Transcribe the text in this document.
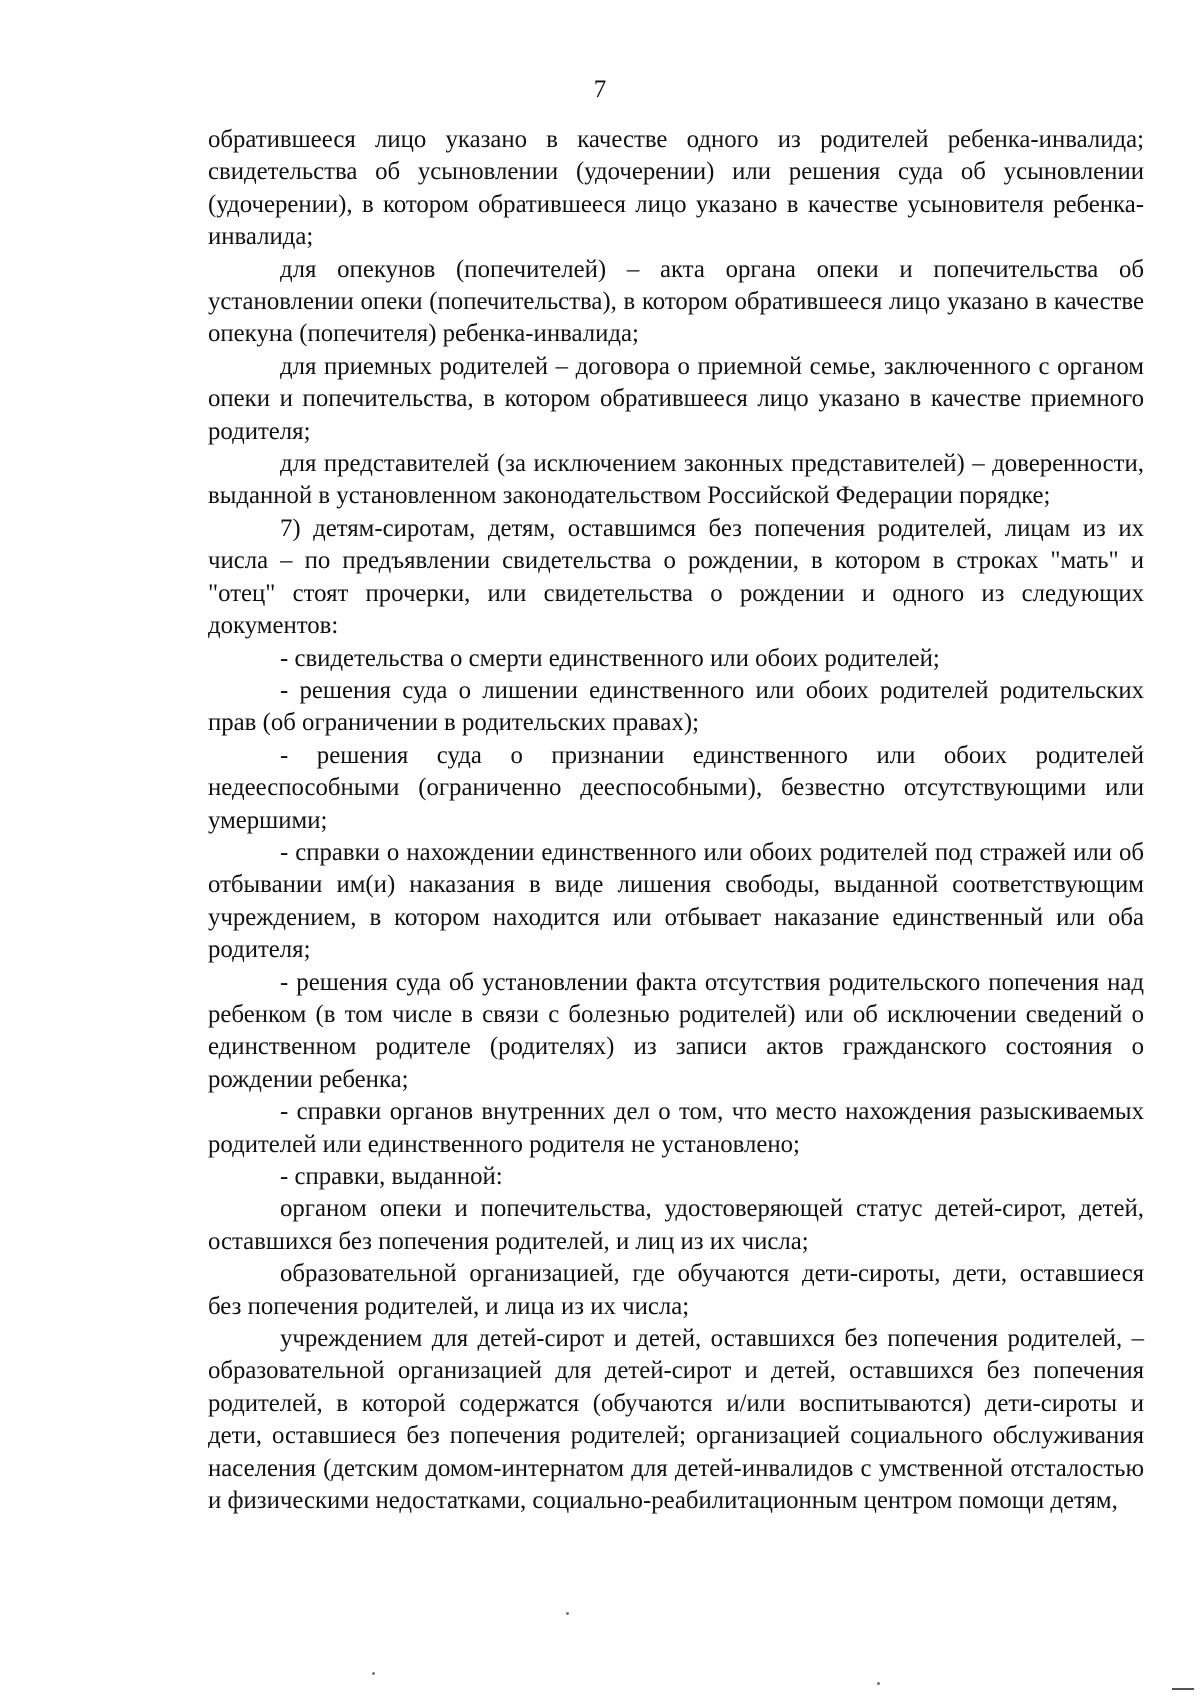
7

обратившееся лицо указано в качестве одного из родителей ребенка-инвалида; свидетельства об усыновлении (удочерении) или решения суда об усыновлении (удочерении), в котором обратившееся лицо указано в качестве усыновителя ребенка-инвалида;

для опекунов (попечителей) – акта органа опеки и попечительства об установлении опеки (попечительства), в котором обратившееся лицо указано в качестве опекуна (попечителя) ребенка-инвалида;

для приемных родителей – договора о приемной семье, заключенного с органом опеки и попечительства, в котором обратившееся лицо указано в качестве приемного родителя;

для представителей (за исключением законных представителей) – доверенности, выданной в установленном законодательством Российской Федерации порядке;

7) детям-сиротам, детям, оставшимся без попечения родителей, лицам из их числа – по предъявлении свидетельства о рождении, в котором в строках "мать" и "отец" стоят прочерки, или свидетельства о рождении и одного из следующих документов:

- свидетельства о смерти единственного или обоих родителей;

- решения суда о лишении единственного или обоих родителей родительских прав (об ограничении в родительских правах);

- решения суда о признании единственного или обоих родителей недееспособными (ограниченно дееспособными), безвестно отсутствующими или умершими;

- справки о нахождении единственного или обоих родителей под стражей или об отбывании им(и) наказания в виде лишения свободы, выданной соответствующим учреждением, в котором находится или отбывает наказание единственный или оба родителя;

- решения суда об установлении факта отсутствия родительского попечения над ребенком (в том числе в связи с болезнью родителей) или об исключении сведений о единственном родителе (родителях) из записи актов гражданского состояния о рождении ребенка;

- справки органов внутренних дел о том, что место нахождения разыскиваемых родителей или единственного родителя не установлено;

- справки, выданной:

органом опеки и попечительства, удостоверяющей статус детей-сирот, детей, оставшихся без попечения родителей, и лиц из их числа;

образовательной организацией, где обучаются дети-сироты, дети, оставшиеся без попечения родителей, и лица из их числа;

учреждением для детей-сирот и детей, оставшихся без попечения родителей, – образовательной организацией для детей-сирот и детей, оставшихся без попечения родителей, в которой содержатся (обучаются и/или воспитываются) дети-сироты и дети, оставшиеся без попечения родителей; организацией социального обслуживания населения (детским домом-интернатом для детей-инвалидов с умственной отсталостью и физическими недостатками, социально-реабилитационным центром помощи детям,
